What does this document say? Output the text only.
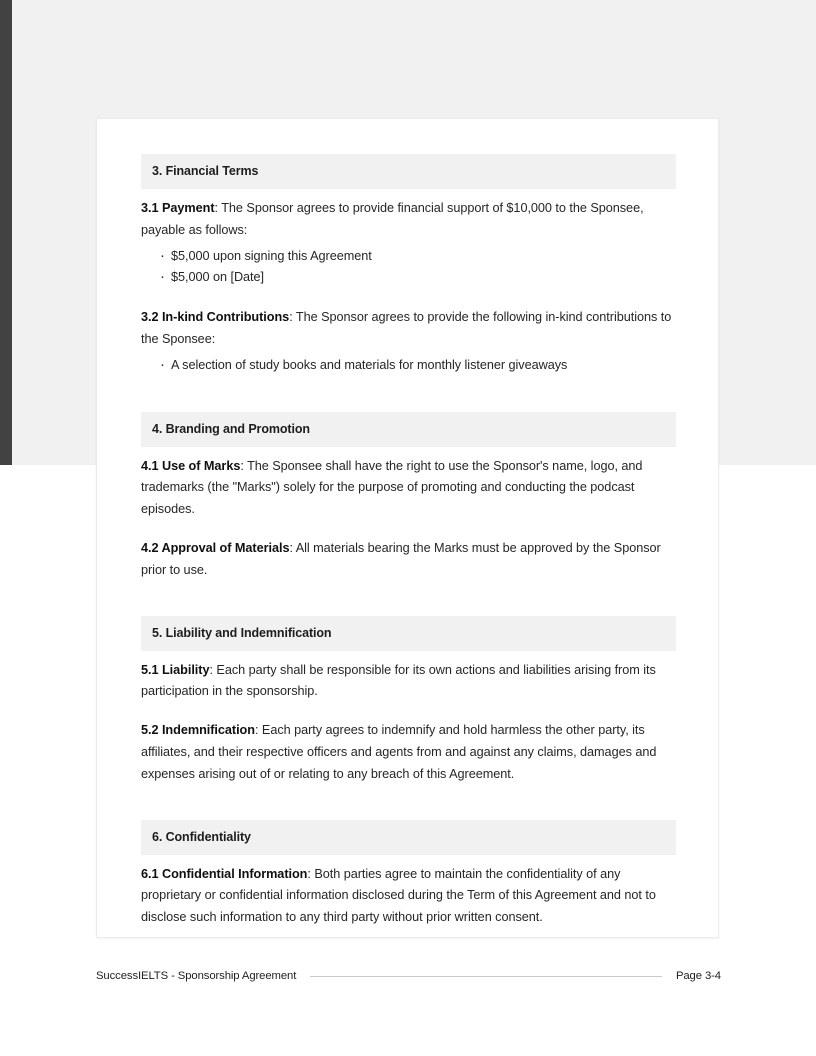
3. Financial Terms

3.1 Payment: The Sponsor agrees to provide financial support of $10,000 to the Sponsee, payable as follows:

· $5,000 upon signing this Agreement
· $5,000 on [Date]

3.2 In-kind Contributions: The Sponsor agrees to provide the following in-kind contributions to the Sponsee:

· A selection of study books and materials for monthly listener giveaways
4. Branding and Promotion

4.1 Use of Marks: The Sponsee shall have the right to use the Sponsor's name, logo, and trademarks (the "Marks") solely for the purpose of promoting and conducting the podcast episodes.

4.2 Approval of Materials: All materials bearing the Marks must be approved by the Sponsor prior to use.

5. Liability and Indemnification

5.1 Liability: Each party shall be responsible for its own actions and liabilities arising from its participation in the sponsorship.

5.2 Indemnification: Each party agrees to indemnify and hold harmless the other party, its affiliates, and their respective officers and agents from and against any claims, damages and expenses arising out of or relating to any breach of this Agreement.

6. Confidentiality

6.1 Confidential Information: Both parties agree to maintain the confidentiality of any proprietary or confidential information disclosed during the Term of this Agreement and not to disclose such information to any third party without prior written consent.

SuccessIELTS - Sponsorship Agreement	Page 3-4
